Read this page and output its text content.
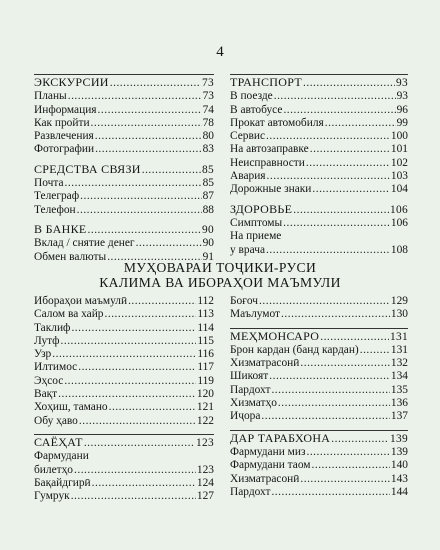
4
ЭКСКУРСИИ .....	73
Планы .....	73
Информация .....	74
Как пройти .....	78
Развлечения .....	80
Фотографии .....	83
СРЕДСТВА СВЯЗИ .....	85
Почта .....	85
Телеграф .....	87
Телефон .....	88
В БАНКЕ .....	90
Вклад / снятие денег .....	90
Обмен валюты .....	91
ТРАНСПОРТ .....	93
В поезде .....	93
В автобусе .....	96
Прокат автомобиля .....	99
Сервис .....	100
На автозаправке .....	101
Неисправности .....	102
Авария .....	103
Дорожные знаки .....	104
ЗДОРОВЬЕ .....	106
Симптомы .....	106
На приеме
у врача .....	108
МУҲОВАРАИ ТОҶИКИ-РУСИ
КАЛИМА ВА ИБОРАҲОИ МАЪМУЛИ
Ибораҳои маъмулӣ .....	112
Салом ва хайр .....	113
Таклиф .....	114
Лутф .....	115
Узр .....	116
Илтимос .....	117
Эҳсос .....	119
Вақт .....	120
Хоҳиш, тамано .....	121
Обу ҳаво .....	122
САЁҲАТ .....	123
Фармудани
билетҳо .....	123
Бақайдгирӣ .....	124
Гумрук .....	127
Боғоч .....	129
Маълумот .....	130
МЕҲМОНСАРО .....	131
Брон кардан (банд кардан) .....	131
Хизматрасонӣ .....	132
Шикоят .....	134
Пардохт .....	135
Хизматҳо .....	136
Иҷора .....	137
ДАР ТАРАБХОНА .....	139
Фармудани миз .....	139
Фармудани таом .....	140
Хизматрасонӣ .....	143
Пардохт .....	144
